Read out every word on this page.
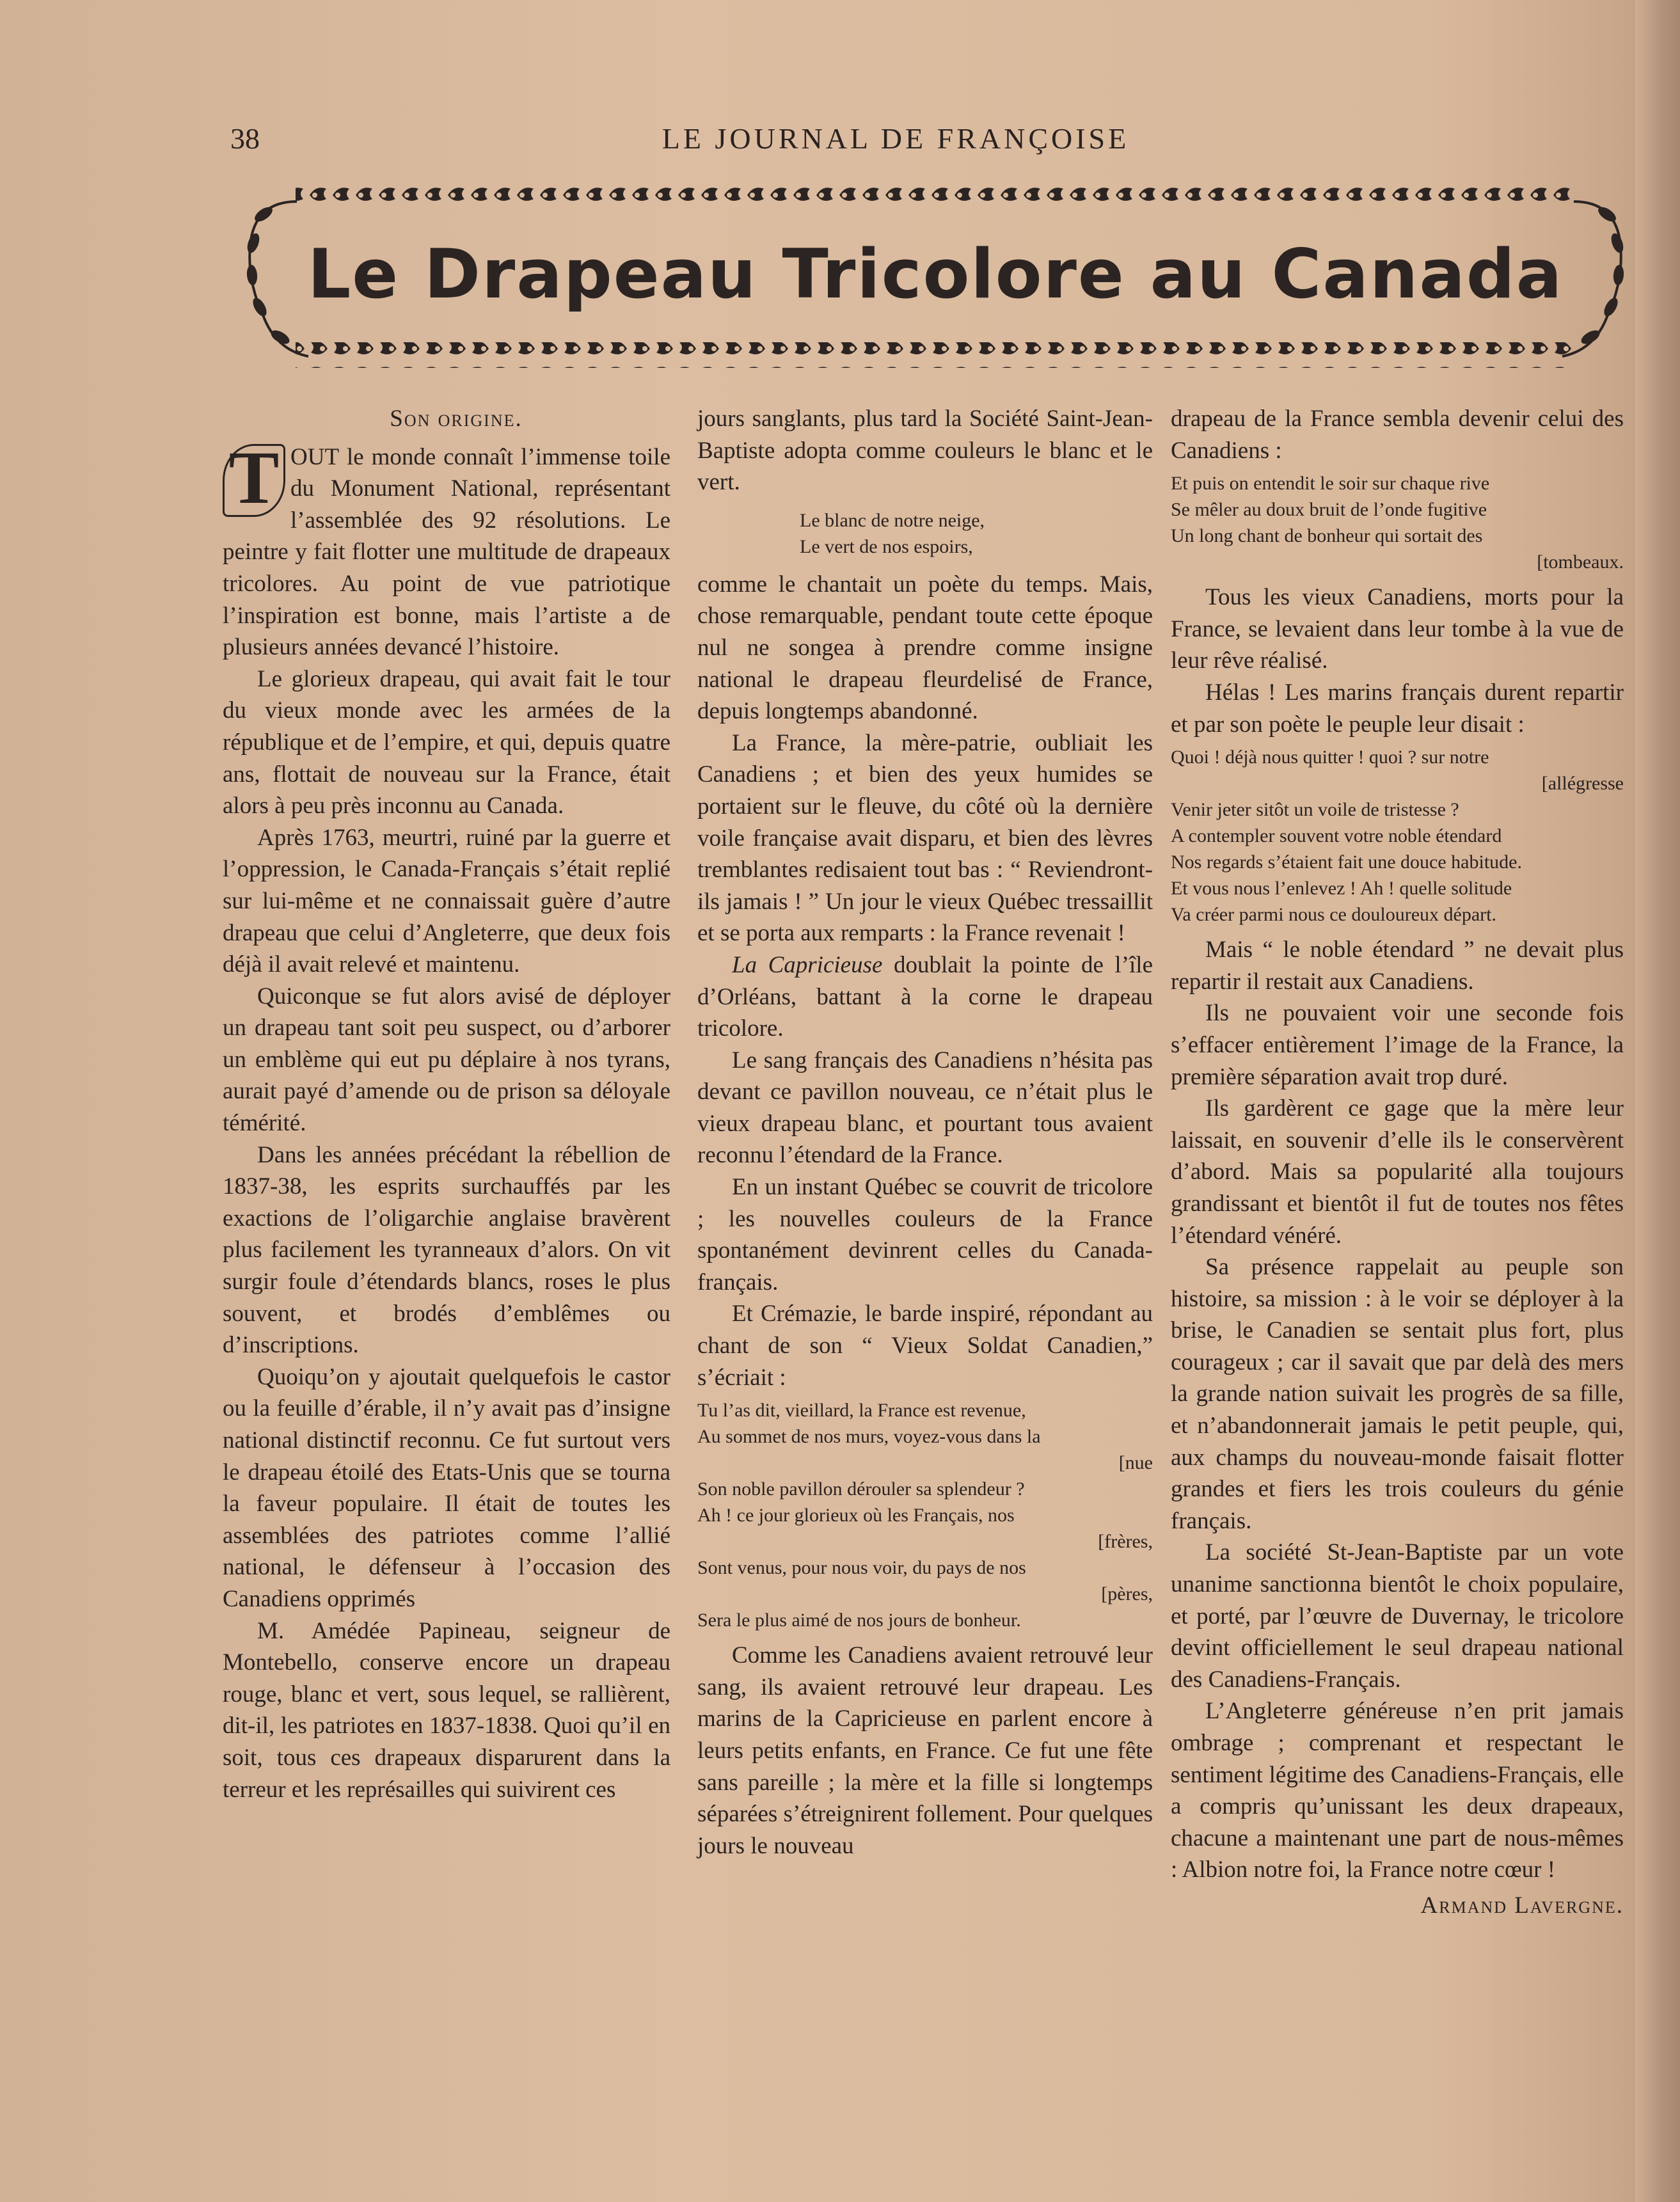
38	LE JOURNAL DE FRANÇOISE
Le Drapeau Tricolore au Canada
Son origine.

T OUT le monde connaît l’immense toile du Monument National, représentant l’assemblée des 92 résolutions. Le peintre y fait flotter une multitude de drapeaux tricolores. Au point de vue patriotique l’inspiration est bonne, mais l’artiste a de plusieurs années devancé l’histoire.

Le glorieux drapeau, qui avait fait le tour du vieux monde avec les armées de la république et de l’empire, et qui, depuis quatre ans, flottait de nouveau sur la France, était alors à peu près inconnu au Canada.

Après 1763, meurtri, ruiné par la guerre et l’oppression, le Canada-Français s’était replié sur lui-même et ne connaissait guère d’autre drapeau que celui d’Angleterre, que deux fois déjà il avait relevé et maintenu.

Quiconque se fut alors avisé de déployer un drapeau tant soit peu suspect, ou d’arborer un emblème qui eut pu déplaire à nos tyrans, aurait payé d’amende ou de prison sa déloyale témérité.

Dans les années précédant la rébellion de 1837-38, les esprits surchauffés par les exactions de l’oligarchie anglaise bravèrent plus facilement les tyranneaux d’alors. On vit surgir foule d’étendards blancs, roses le plus souvent, et brodés d’emblêmes ou d’inscriptions.

Quoiqu’on y ajoutait quelquefois le castor ou la feuille d’érable, il n’y avait pas d’insigne national distinctif reconnu. Ce fut surtout vers le drapeau étoilé des Etats-Unis que se tourna la faveur populaire. Il était de toutes les assemblées des patriotes comme l’allié national, le défenseur à l’occasion des Canadiens opprimés

M. Amédée Papineau, seigneur de Montebello, conserve encore un drapeau rouge, blanc et vert, sous lequel, se rallièrent, dit-il, les patriotes en 1837-1838. Quoi qu’il en soit, tous ces drapeaux disparurent dans la terreur et les représailles qui suivirent ces

jours sanglants, plus tard la Société Saint-Jean-Baptiste adopta comme couleurs le blanc et le vert.

Le blanc de notre neige,
Le vert de nos espoirs,

comme le chantait un poète du temps. Mais, chose remarquable, pendant toute cette époque nul ne songea à prendre comme insigne national le drapeau fleurdelisé de France, depuis longtemps abandonné.

La France, la mère-patrie, oubliait les Canadiens ; et bien des yeux humides se portaient sur le fleuve, du côté où la dernière voile française avait disparu, et bien des lèvres tremblantes redisaient tout bas : “ Reviendront-ils jamais ! ” Un jour le vieux Québec tressaillit et se porta aux remparts : la France revenait !

La Capricieuse doublait la pointe de l’île d’Orléans, battant à la corne le drapeau tricolore.

Le sang français des Canadiens n’hésita pas devant ce pavillon nouveau, ce n’était plus le vieux drapeau blanc, et pourtant tous avaient reconnu l’étendard de la France.

En un instant Québec se couvrit de tricolore ; les nouvelles couleurs de la France spontanément devinrent celles du Canada-français.

Et Crémazie, le barde inspiré, répondant au chant de son “ Vieux Soldat Canadien,” s’écriait :

Tu l’as dit, vieillard, la France est revenue,
Au sommet de nos murs, voyez-vous dans la
[nue
Son noble pavillon dérouler sa splendeur ?
Ah ! ce jour glorieux où les Français, nos
[frères,
Sont venus, pour nous voir, du pays de nos
[pères,
Sera le plus aimé de nos jours de bonheur.

Comme les Canadiens avaient retrouvé leur sang, ils avaient retrouvé leur drapeau. Les marins de la Capricieuse en parlent encore à leurs petits enfants, en France. Ce fut une fête sans pareille ; la mère et la fille si longtemps séparées s’étreignirent follement. Pour quelques jours le nouveau

drapeau de la France sembla devenir celui des Canadiens :

Et puis on entendit le soir sur chaque rive
Se mêler au doux bruit de l’onde fugitive
Un long chant de bonheur qui sortait des
[tombeaux.

Tous les vieux Canadiens, morts pour la France, se levaient dans leur tombe à la vue de leur rêve réalisé.

Hélas ! Les marins français durent repartir et par son poète le peuple leur disait :

Quoi ! déjà nous quitter ! quoi ? sur notre
[allégresse
Venir jeter sitôt un voile de tristesse ?
A contempler souvent votre noble étendard
Nos regards s’étaient fait une douce habitude.
Et vous nous l’enlevez ! Ah ! quelle solitude
Va créer parmi nous ce douloureux départ.

Mais “ le noble étendard ” ne devait plus repartir il restait aux Canadiens.

Ils ne pouvaient voir une seconde fois s’effacer entièrement l’image de la France, la première séparation avait trop duré.

Ils gardèrent ce gage que la mère leur laissait, en souvenir d’elle ils le conservèrent d’abord. Mais sa popularité alla toujours grandissant et bientôt il fut de toutes nos fêtes l’étendard vénéré.

Sa présence rappelait au peuple son histoire, sa mission : à le voir se déployer à la brise, le Canadien se sentait plus fort, plus courageux ; car il savait que par delà des mers la grande nation suivait les progrès de sa fille, et n’abandonnerait jamais le petit peuple, qui, aux champs du nouveau-monde faisait flotter grandes et fiers les trois couleurs du génie français.

La société St-Jean-Baptiste par un vote unanime sanctionna bientôt le choix populaire, et porté, par l’œuvre de Duvernay, le tricolore devint officiellement le seul drapeau national des Canadiens-Français.

L’Angleterre généreuse n’en prit jamais ombrage ; comprenant et respectant le sentiment légitime des Canadiens-Français, elle a compris qu’unissant les deux drapeaux, chacune a maintenant une part de nous-mêmes : Albion notre foi, la France notre cœur !

Armand Lavergne.
